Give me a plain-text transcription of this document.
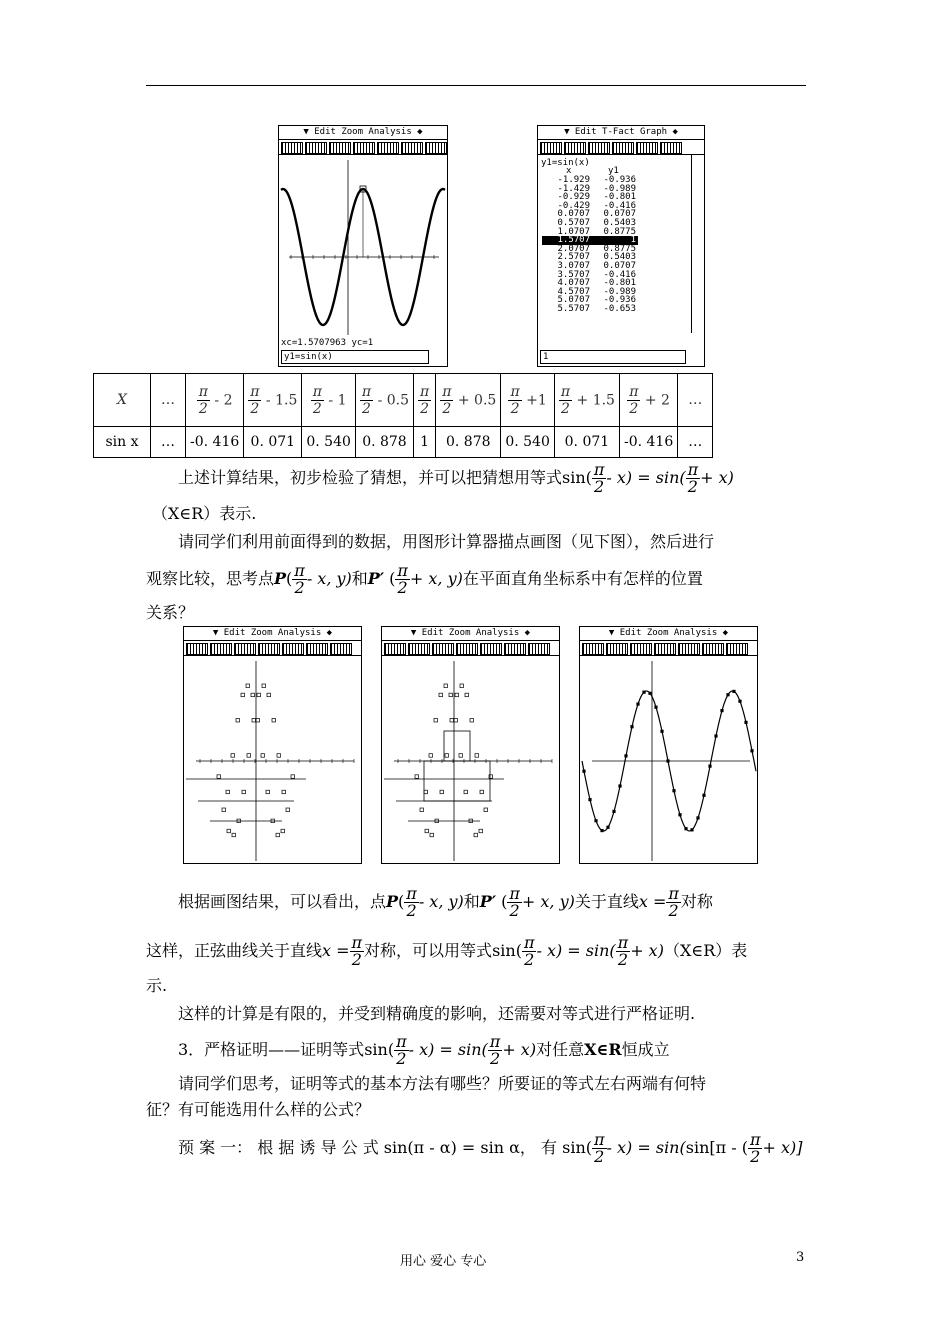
▼ Edit Zoom Analysis ◆
xc=1.5707963 yc=1
y1=sin(x)
▼ Edit T-Fact Graph ◆
y1=sin(x)
x	y1
-1.929	-0.936
-1.429	-0.989
-0.929	-0.801
-0.429	-0.416
0.0707	0.0707
0.5707	0.5403
1.0707	0.8775
1.5707	1
2.0707	0.8775
2.5707	0.5403
3.0707	0.0707
3.5707	-0.416
4.0707	-0.801
4.5707	-0.989
5.0707	-0.936
5.5707	-0.653
1
X	…	$\frac{\pi}{2} - 2$	$\frac{\pi}{2} - 1.5$	$\frac{\pi}{2} - 1$	$\frac{\pi}{2} - 0.5$	$\frac{\pi}{2}$	$\frac{\pi}{2} + 0.5$	$\frac{\pi}{2} +1$	$\frac{\pi}{2} + 1.5$	$\frac{\pi}{2} + 2$	…
sin x	…	-0. 416	0. 071	0. 540	0. 878	1	0. 878	0. 540	0. 071	-0. 416	…
上述计算结果，初步检验了猜想，并可以把猜想用等式$\sin( \frac{\pi}{2} - x) = \sin( \frac{\pi}{2} + x)$
（X∈R）表示.
请同学们利用前面得到的数据，用图形计算器描点画图（见下图），然后进行
观察比较，思考点$P( \frac{\pi}{2}$ - x, y)和P′ ( $\frac{\pi}{2} + x$, y)在平面直角坐标系中有怎样的位置
关系？
▼ Edit Zoom Analysis ◆	▼ Edit Zoom Analysis ◆	▼ Edit Zoom Analysis ◆
根据画图结果，可以看出，点$P( \frac{\pi}{2}$ - x, y)和P′ ( $\frac{\pi}{2} + x$, y)关于直线$x = \frac{\pi}{2}$ 对称
这样，正弦曲线关于直线$x = \frac{\pi}{2}$ 对称，可以用等式$\sin( \frac{\pi}{2} - x) = \sin( \frac{\pi}{2}$ + x)（X∈R）表
示.
这样的计算是有限的，并受到精确度的影响，还需要对等式进行严格证明.
3．严格证明——证明等式$\sin( \frac{\pi}{2} - x) = \sin( \frac{\pi}{2} + x)$对任意X∈R恒成立
请同学们思考，证明等式的基本方法有哪些？所要证的等式左右两端有何特
征？有可能选用什么样的公式？
预 案 一： 根 据 诱 导 公 式 sin(π - α) = sin α， 有 $\sin( \frac{\pi}{2} - x) = \sin(\sin[\pi$ - ( $\frac{\pi}{2} + x$)]
用心 爱心 专心	3
